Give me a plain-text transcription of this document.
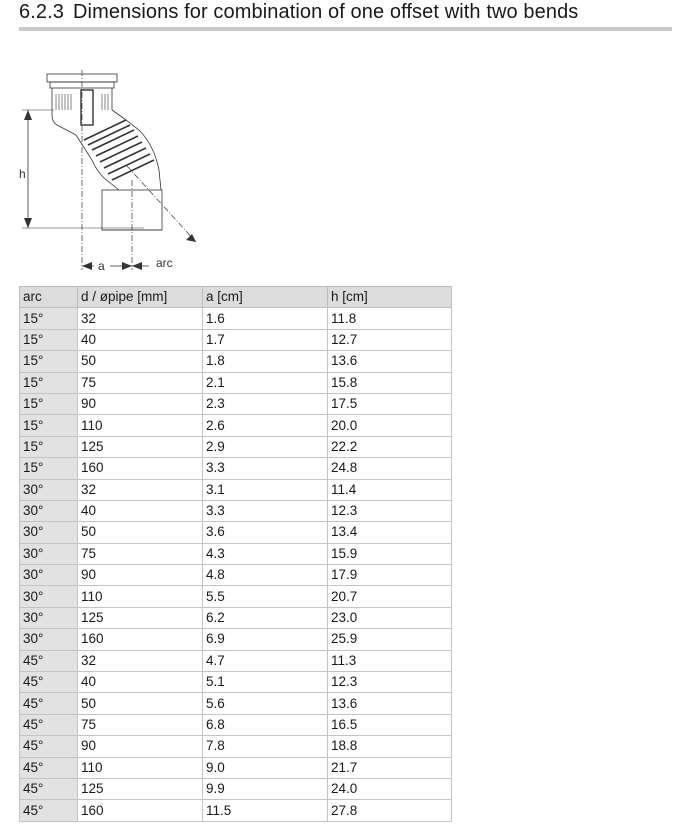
6.2.3 Dimensions for combination of one offset with two bends
h
a	arc
arc	d / øpipe [mm]	a [cm]	h [cm]
15°	32	1.6	11.8
15°	40	1.7	12.7
15°	50	1.8	13.6
15°	75	2.1	15.8
15°	90	2.3	17.5
15°	110	2.6	20.0
15°	125	2.9	22.2
15°	160	3.3	24.8
30°	32	3.1	11.4
30°	40	3.3	12.3
30°	50	3.6	13.4
30°	75	4.3	15.9
30°	90	4.8	17.9
30°	110	5.5	20.7
30°	125	6.2	23.0
30°	160	6.9	25.9
45°	32	4.7	11.3
45°	40	5.1	12.3
45°	50	5.6	13.6
45°	75	6.8	16.5
45°	90	7.8	18.8
45°	110	9.0	21.7
45°	125	9.9	24.0
45°	160	11.5	27.8
